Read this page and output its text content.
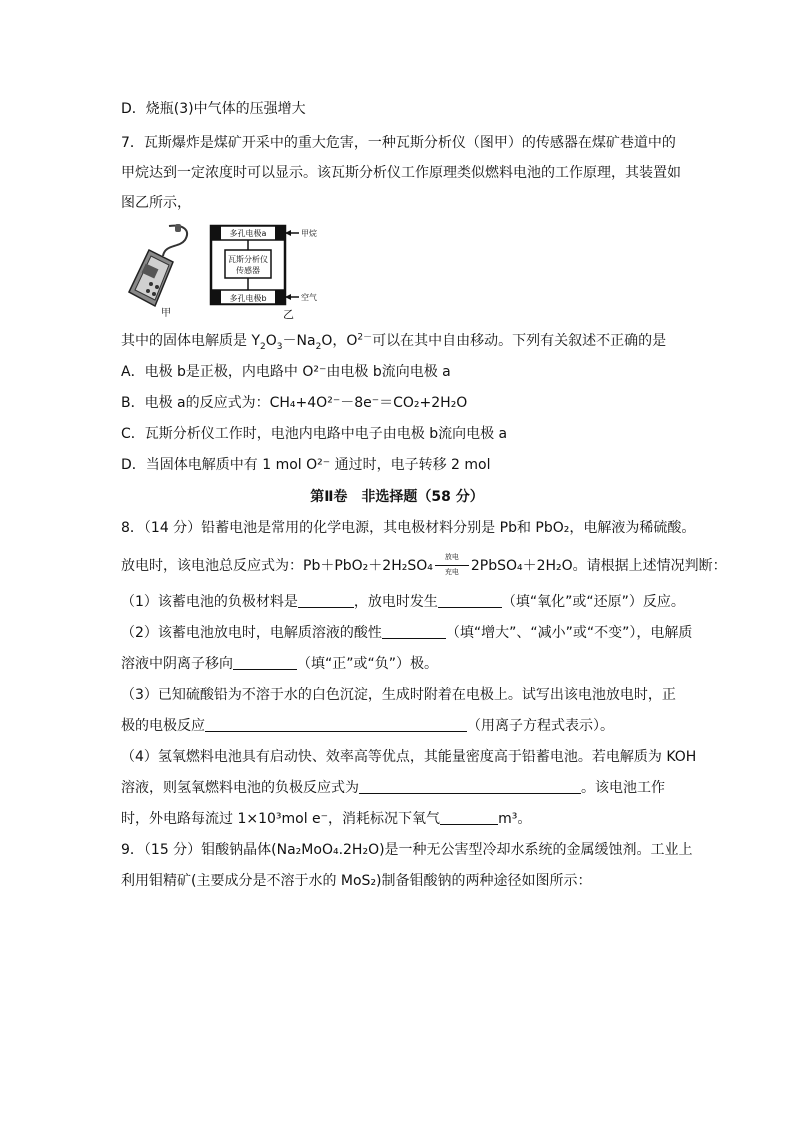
D．烧瓶(3)中气体的压强增大
7．瓦斯爆炸是煤矿开采中的重大危害，一种瓦斯分析仪（图甲）的传感器在煤矿巷道中的
甲烷达到一定浓度时可以显示。该瓦斯分析仪工作原理类似燃料电池的工作原理，其装置如
图乙所示，
甲
多孔电极a
多孔电极b
瓦斯分析仪
传感器
甲烷
空气
乙
其中的固体电解质是 $Y_2O_3-Na_2O$，$O^{2-}$可以在其中自由移动。下列有关叙述不正确的是
A．电极 b是正极，内电路中 O²⁻由电极 b流向电极 a
B．电极 a的反应式为：CH₄+4O²⁻－8e⁻＝CO₂+2H₂O
C．瓦斯分析仪工作时，电池内电路中电子由电极 b流向电极 a
D．当固体电解质中有 1 mol O²⁻ 通过时，电子转移 2 mol
第Ⅱ卷　非选择题（58 分）
8．（14 分）铅蓄电池是常用的化学电源，其电极材料分别是 Pb和 PbO₂，电解液为稀硫酸。
放电时，该电池总反应式为：Pb＋PbO₂＋2H₂SO₄
放电
充电 2PbSO₄＋2H₂O。请根据上述情况判断：
（1）该蓄电池的负极材料是	，放电时发生	（填“氧化”或“还原”）反应。
（2）该蓄电池放电时，电解质溶液的酸性	（填“增大”、“减小”或“不变”），电解质
溶液中阴离子移向	（填“正”或“负”）极。
（3）已知硫酸铅为不溶于水的白色沉淀，生成时附着在电极上。试写出该电池放电时，正
极的电极反应	（用离子方程式表示）。
（4）氢氧燃料电池具有启动快、效率高等优点，其能量密度高于铅蓄电池。若电解质为 KOH
溶液，则氢氧燃料电池的负极反应式为	。该电池工作
时，外电路每流过 1×10³mol e⁻，消耗标况下氧气	m³。
9．（15 分）钼酸钠晶体(Na₂MoO₄.2H₂O)是一种无公害型冷却水系统的金属缓蚀剂。工业上
利用钼精矿(主要成分是不溶于水的 MoS₂)制备钼酸钠的两种途径如图所示：
